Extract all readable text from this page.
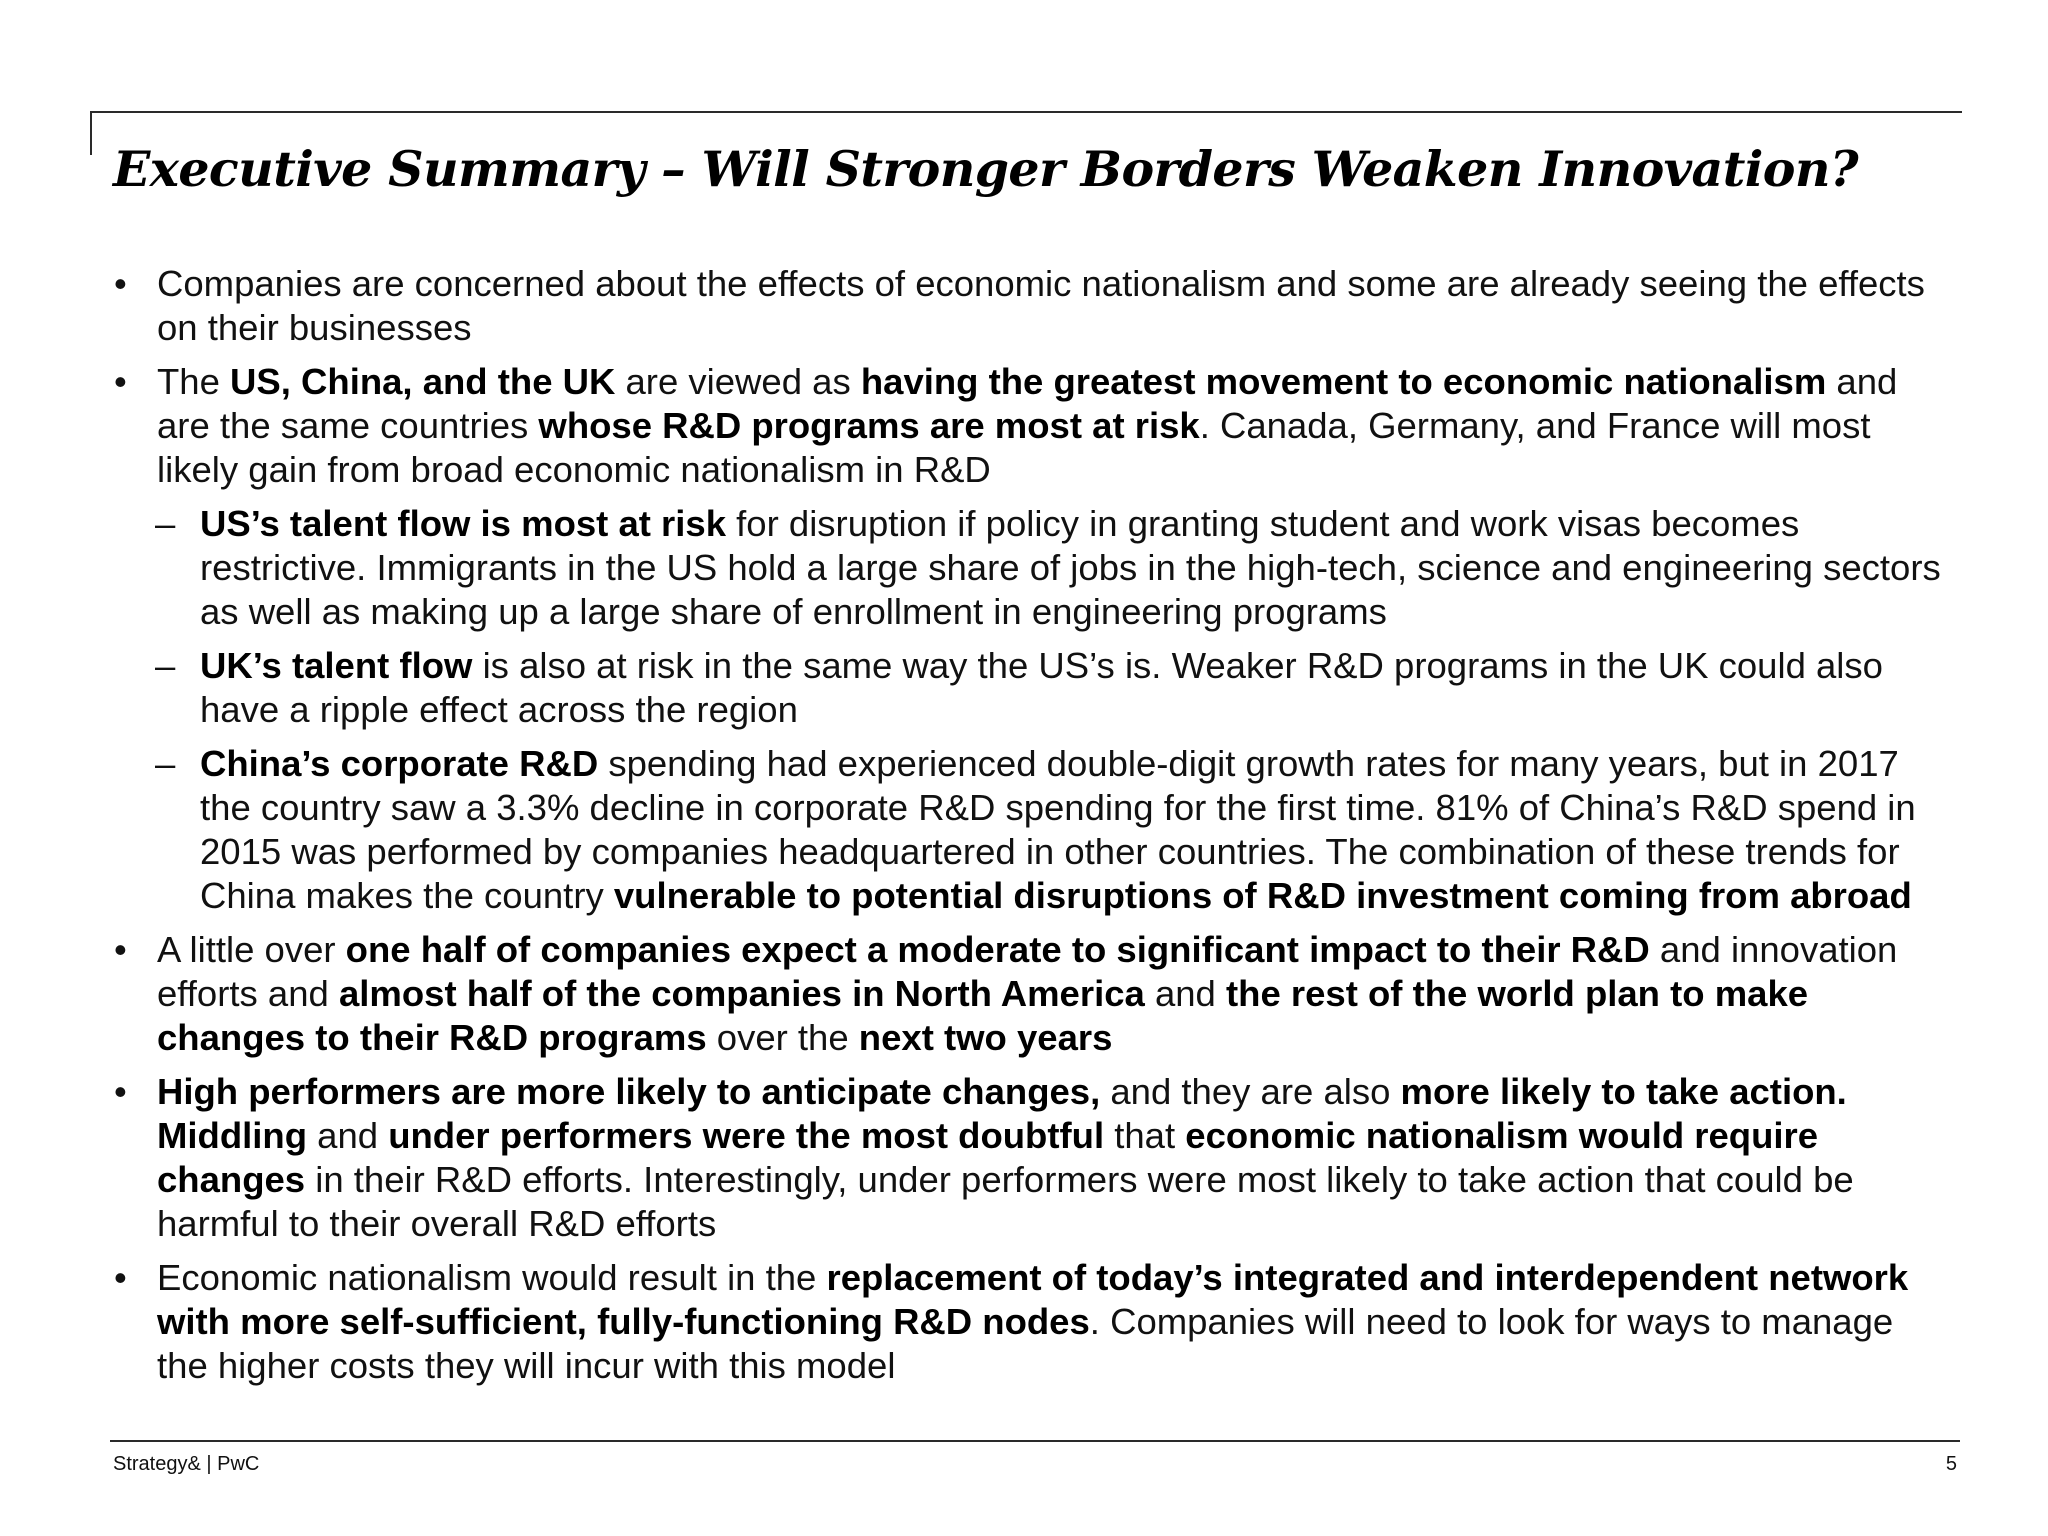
Executive Summary – Will Stronger Borders Weaken Innovation?
• Companies are concerned about the effects of economic nationalism and some are already seeing the effects on their businesses
• The US, China, and the UK are viewed as having the greatest movement to economic nationalism and are the same countries whose R&D programs are most at risk. Canada, Germany, and France will most likely gain from broad economic nationalism in R&D
– US’s talent flow is most at risk for disruption if policy in granting student and work visas becomes restrictive. Immigrants in the US hold a large share of jobs in the high-tech, science and engineering sectors as well as making up a large share of enrollment in engineering programs
– UK’s talent flow is also at risk in the same way the US’s is. Weaker R&D programs in the UK could also have a ripple effect across the region
– China’s corporate R&D spending had experienced double-digit growth rates for many years, but in 2017 the country saw a 3.3% decline in corporate R&D spending for the first time. 81% of China’s R&D spend in 2015 was performed by companies headquartered in other countries. The combination of these trends for China makes the country vulnerable to potential disruptions of R&D investment coming from abroad
• A little over one half of companies expect a moderate to significant impact to their R&D and innovation efforts and almost half of the companies in North America and the rest of the world plan to make changes to their R&D programs over the next two years
• High performers are more likely to anticipate changes, and they are also more likely to take action. Middling and under performers were the most doubtful that economic nationalism would require changes in their R&D efforts. Interestingly, under performers were most likely to take action that could be harmful to their overall R&D efforts
• Economic nationalism would result in the replacement of today’s integrated and interdependent network with more self-sufficient, fully-functioning R&D nodes. Companies will need to look for ways to manage the higher costs they will incur with this model
Strategy& | PwC	5
